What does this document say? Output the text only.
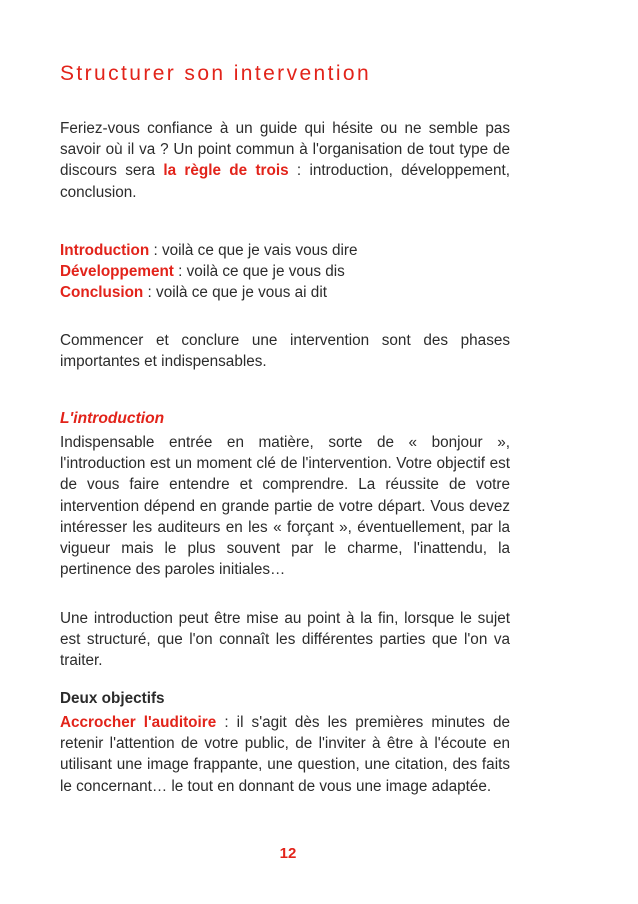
Structurer son intervention

Feriez-vous confiance à un guide qui hésite ou ne semble pas savoir où il va ? Un point commun à l'organisation de tout type de discours sera la règle de trois : introduction, développement, conclusion.

Introduction : voilà ce que je vais vous dire
Développement : voilà ce que je vous dis
Conclusion : voilà ce que je vous ai dit

Commencer et conclure une intervention sont des phases importantes et indispensables.

L'introduction

Indispensable entrée en matière, sorte de « bonjour », l'introduction est un moment clé de l'intervention. Votre objectif est de vous faire entendre et comprendre. La réussite de votre intervention dépend en grande partie de votre départ. Vous devez intéresser les auditeurs en les « forçant », éventuellement, par la vigueur mais le plus souvent par le charme, l'inattendu, la pertinence des paroles initiales…

Une introduction peut être mise au point à la fin, lorsque le sujet est structuré, que l'on connaît les différentes parties que l'on va traiter.

Deux objectifs

Accrocher l'auditoire : il s'agit dès les premières minutes de retenir l'attention de votre public, de l'inviter à être à l'écoute en utilisant une image frappante, une question, une citation, des faits le concernant… le tout en donnant de vous une image adaptée.

12
